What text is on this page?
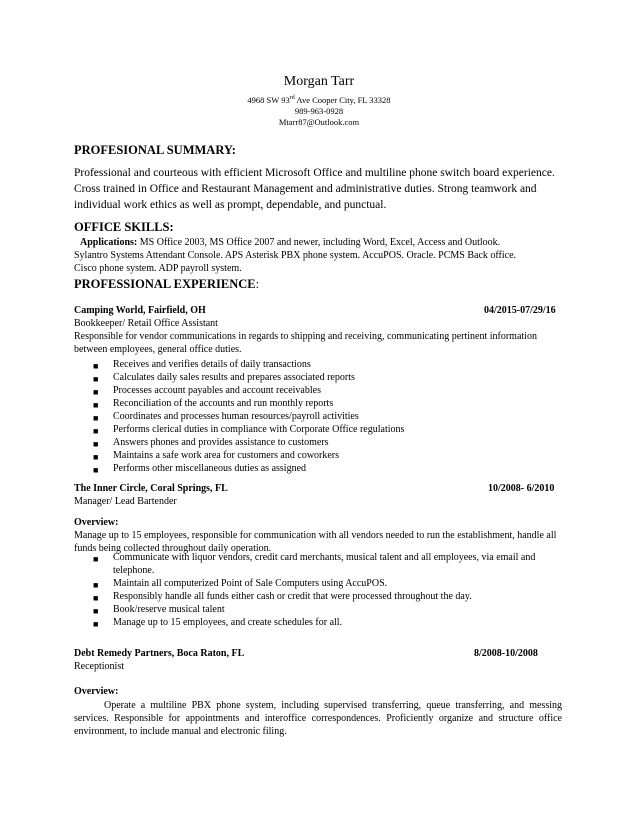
Morgan Tarr
4968 SW 93rd Ave Cooper City, FL 33328
989-963-0928
Mtarr87@Outlook.com
PROFESIONAL SUMMARY:
Professional and courteous with efficient Microsoft Office and multiline phone switch board experience.
Cross trained in Office and Restaurant Management and administrative duties. Strong teamwork and
individual work ethics as well as prompt, dependable, and punctual.
OFFICE SKILLS:
Applications: MS Office 2003, MS Office 2007 and newer, including Word, Excel, Access and Outlook.
Sylantro Systems Attendant Console. APS Asterisk PBX phone system. AccuPOS. Oracle. PCMS Back office.
Cisco phone system. ADP payroll system.
PROFESSIONAL EXPERIENCE:
Camping World, Fairfield, OH	04/2015-07/29/16
Bookkeeper/ Retail Office Assistant
Responsible for vendor communications in regards to shipping and receiving, communicating pertinent information
between employees, general office duties.
■ Receives and verifies details of daily transactions
■ Calculates daily sales results and prepares associated reports
■ Processes account payables and account receivables
■ Reconciliation of the accounts and run monthly reports
■ Coordinates and processes human resources/payroll activities
■ Performs clerical duties in compliance with Corporate Office regulations
■ Answers phones and provides assistance to customers
■ Maintains a safe work area for customers and coworkers
■ Performs other miscellaneous duties as assigned
The Inner Circle, Coral Springs, FL	10/2008- 6/2010
Manager/ Lead Bartender
Overview:
Manage up to 15 employees, responsible for communication with all vendors needed to run the establishment, handle all funds being collected throughout daily operation.
■ Communicate with liquor vendors, credit card merchants, musical talent and all employees, via email and
telephone.
■ Maintain all computerized Point of Sale Computers using AccuPOS.
■ Responsibly handle all funds either cash or credit that were processed throughout the day.
■ Book/reserve musical talent
■ Manage up to 15 employees, and create schedules for all.
Debt Remedy Partners, Boca Raton, FL	8/2008-10/2008
Receptionist
Overview:
Operate a multiline PBX phone system, including supervised transferring, queue transferring, and messing services. Responsible for appointments and interoffice correspondences. Proficiently organize and structure office environment, to include manual and electronic filing.
